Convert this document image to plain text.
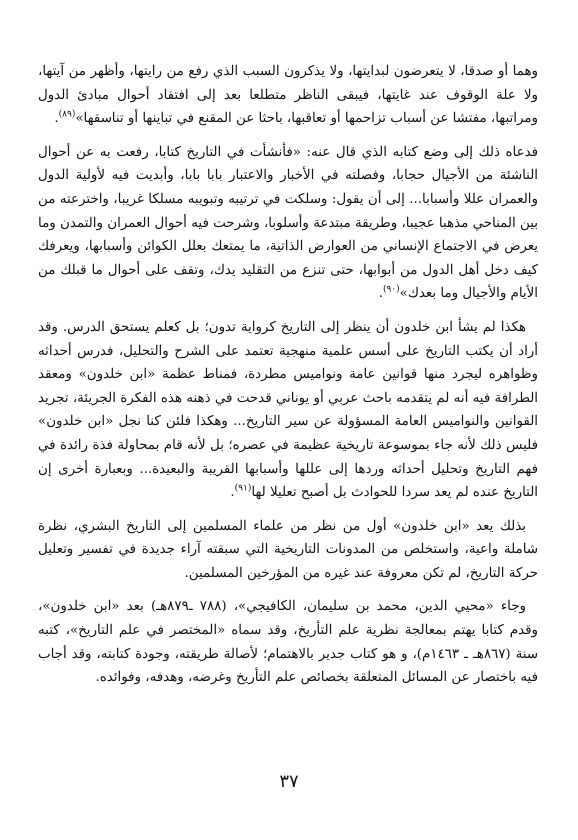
وهما أو صدقا، لا يتعرضون لبدايتها، ولا يذكرون السبب الذي رفع من رايتها، وأظهر من آيتها، ولا علة الوقوف عند غايتها، فيبقى الناظر متطلعا بعد إلى افتقاد أحوال مبادئ الدول ومراتبها، مفتشا عن أسباب تزاحمها أو تعاقبها، باحثا عن المقنع في تباينها أو تناسقها»$^{(٨٩)}$.

فدعاه ذلك إلى وضع كتابه الذي قال عنه: «فأنشأت في التاريخ كتابا، رفعت به عن أحوال الناشئة من الأجيال حجابا، وفصلته في الأخبار والاعتبار بابا بابا، وأبديت فيه لأولية الدول والعمران عللا وأسبابا... إلى أن يقول: وسلكت في ترتيبه وتبويبه مسلكا غريبا، واخترعته من بين المناحي مذهبا عجيبا، وطريقة مبتدعة وأسلوبا، وشرحت فيه أحوال العمران والتمدن وما يعرض في الاجتماع الإنساني من العوارض الذاتية، ما يمتعك بعلل الكوائن وأسبابها، ويعرفك كيف دخل أهل الدول من أبوابها، حتى تنزع من التقليد يدك، وتقف على أحوال ما قبلك من الأيام والأجيال وما بعدك»$^{(٩٠)}$.

هكذا لم يشأ ابن خلدون أن ينظر إلى التاريخ كرواية تدون؛ بل كعلم يستحق الدرس. وقد أراد أن يكتب التاريخ على أسس علمية منهجية تعتمد على الشرح والتحليل، فدرس أحداثه وظواهره ليجرد منها قوانين عامة ونواميس مطردة، فمناط عظمة «ابن خلدون» ومعقد الطرافة فيه أنه لم يتقدمه باحث عربي أو يوناني قدحت في ذهنه هذه الفكرة الجريئة، تجريد القوانين والنواميس العامة المسؤولة عن سير التاريخ... وهكذا فلئن كنا نجل «ابن خلدون» فليس ذلك لأنه جاء بموسوعة تاريخية عظيمة في عصره؛ بل لأنه قام بمحاولة فذة رائدة في فهم التاريخ وتحليل أحداثه وردها إلى عللها وأسبابها القريبة والبعيدة... وبعبارة أخرى إن التاريخ عنده لم يعد سردا للحوادث بل أصبح تعليلا لها$^{(٩١)}$.

بذلك يعد «ابن خلدون» أول من نظر من علماء المسلمين إلى التاريخ البشري، نظرة شاملة واعية، واستخلص من المدونات التاريخية التي سبقته آراء جديدة في تفسير وتعليل حركة التاريخ، لم تكن معروفة عند غيره من المؤرخين المسلمين.

وجاء «محيي الدين، محمد بن سليمان، الكافيجي»، (٧٨٨ ـ٨٧٩هـ) بعد «ابن خلدون»، وقدم كتابا يهتم بمعالجة نظرية علم التأريخ، وقد سماه «المختصر في علم التاريخ»، كتبه سنة (٨٦٧هـ ـ ١٤٦٣م)، و هو كتاب جدير بالاهتمام؛ لأصالة طريقته، وجودة كتابته، وقد أجاب فيه باختصار عن المسائل المتعلقة بخصائص علم التأريخ وغرضه، وهدفه، وفوائده.

٣٧
